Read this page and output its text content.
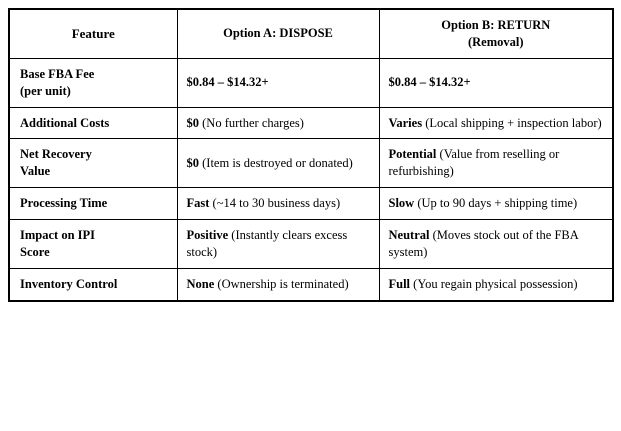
Feature	Option A: DISPOSE	Option B: RETURN
(Removal)

Base FBA Fee
(per unit)	$0.84 – $14.32+	$0.84 – $14.32+
Additional Costs	$0 (No further charges)	Varies (Local shipping + inspection labor)
Net Recovery
Value	$0 (Item is destroyed or donated)	Potential (Value from reselling or refurbishing)
Processing Time	Fast (~14 to 30 business days)	Slow (Up to 90 days + shipping time)
Impact on IPI
Score	Positive (Instantly clears excess stock)	Neutral (Moves stock out of the FBA system)
Inventory Control	None (Ownership is terminated)	Full (You regain physical possession)
